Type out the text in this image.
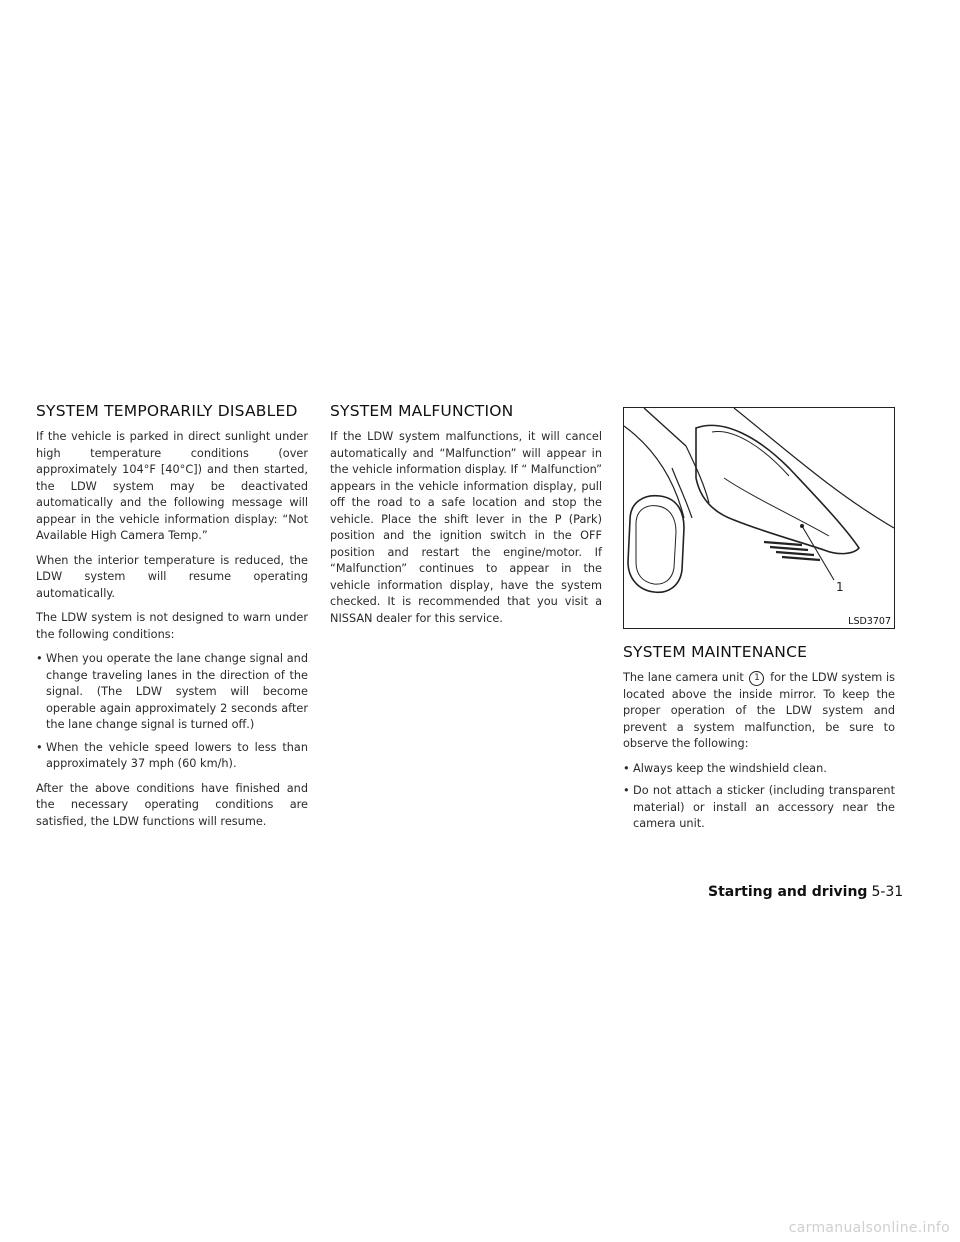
SYSTEM TEMPORARILY DISABLED

If the vehicle is parked in direct sunlight under high temperature conditions (over approximately 104°F [40°C]) and then started, the LDW system may be deactivated automatically and the following message will appear in the vehicle information display: “Not Available High Camera Temp.”

When the interior temperature is reduced, the LDW system will resume operating automatically.

The LDW system is not designed to warn under the following conditions:

• When you operate the lane change signal and change traveling lanes in the direction of the signal. (The LDW system will become operable again approximately 2 seconds after the lane change signal is turned off.)
• When the vehicle speed lowers to less than approximately 37 mph (60 km/h).

After the above conditions have finished and the necessary operating conditions are satisfied, the LDW functions will resume.

SYSTEM MALFUNCTION

If the LDW system malfunctions, it will cancel automatically and “Malfunction” will appear in the vehicle information display. If “ Malfunction” appears in the vehicle information display, pull off the road to a safe location and stop the vehicle. Place the shift lever in the P (Park) position and the ignition switch in the OFF position and restart the engine/motor. If “Malfunction” continues to appear in the vehicle information display, have the system checked. It is recommended that you visit a NISSAN dealer for this service.

1
LSD3707
SYSTEM MAINTENANCE

The lane camera unit 1 for the LDW system is located above the inside mirror. To keep the proper operation of the LDW system and prevent a system malfunction, be sure to observe the following:

• Always keep the windshield clean.
• Do not attach a sticker (including transparent material) or install an accessory near the camera unit.
Starting and driving 5-31
carmanualsonline.info
